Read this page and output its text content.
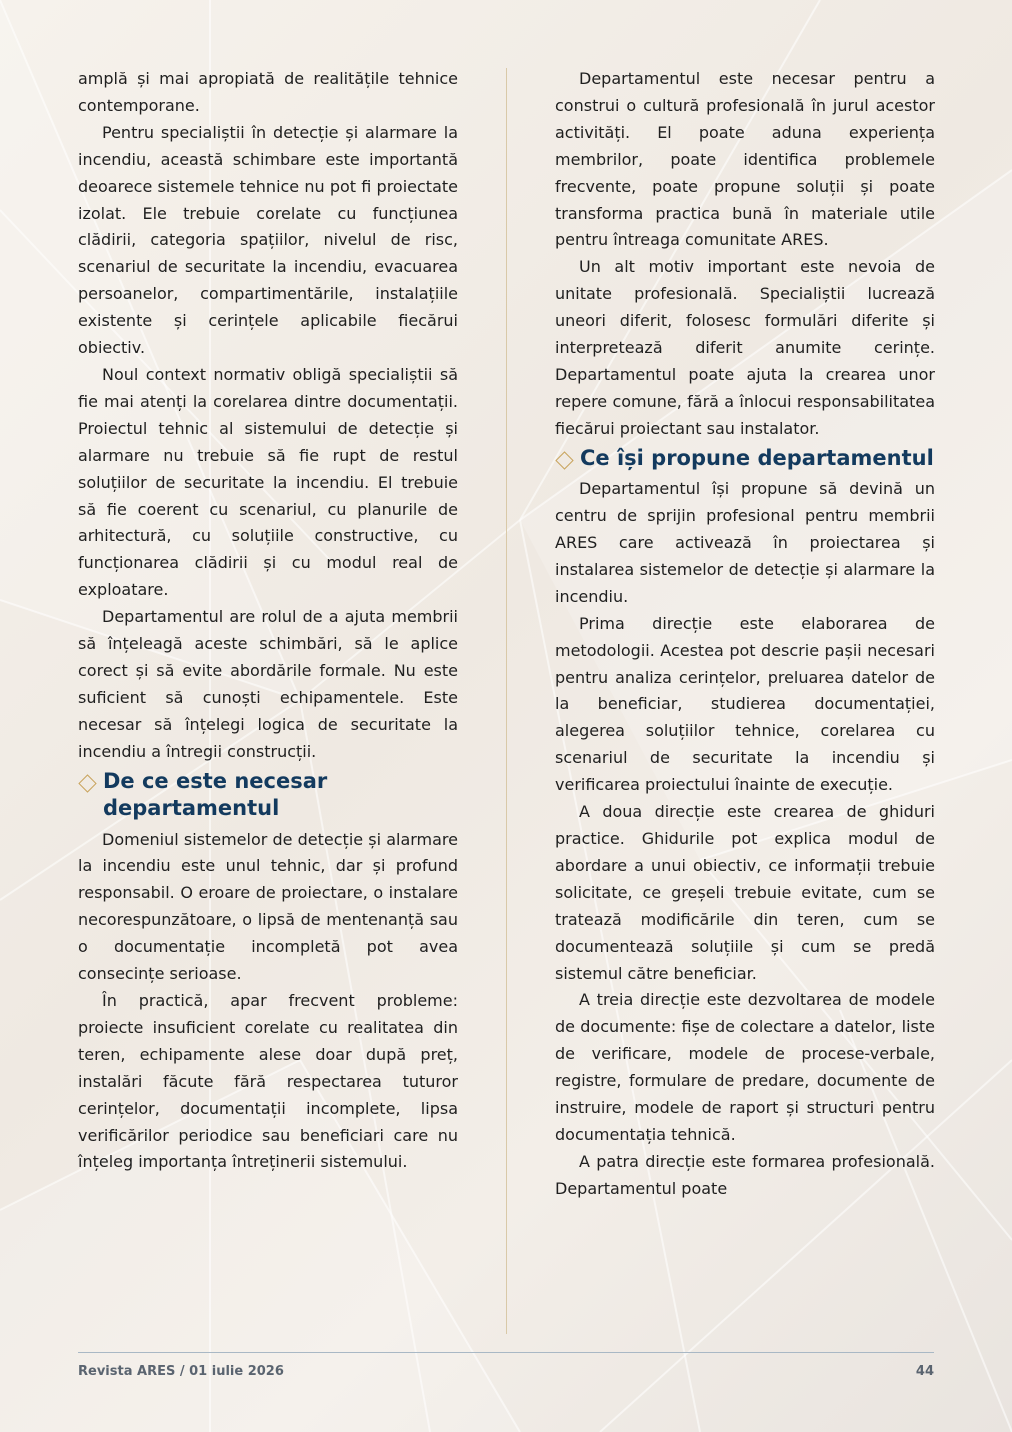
amplă și mai apropiată de realitățile tehnice contemporane.

Pentru specialiștii în detecție și alarmare la incendiu, această schimbare este importantă deoarece sistemele tehnice nu pot fi proiectate izolat. Ele trebuie corelate cu funcțiunea clădirii, categoria spațiilor, nivelul de risc, scenariul de securitate la incendiu, evacuarea persoanelor, compartimentările, instalațiile existente și cerințele aplicabile fiecărui obiectiv.

Noul context normativ obligă specialiștii să fie mai atenți la corelarea dintre documentații. Proiectul tehnic al sistemului de detecție și alarmare nu trebuie să fie rupt de restul soluțiilor de securitate la incendiu. El trebuie să fie coerent cu scenariul, cu planurile de arhitectură, cu soluțiile constructive, cu funcționarea clădirii și cu modul real de exploatare.

Departamentul are rolul de a ajuta membrii să înțeleagă aceste schimbări, să le aplice corect și să evite abordările formale. Nu este suficient să cunoști echipamentele. Este necesar să înțelegi logica de securitate la incendiu a întregii construcții.

De ce este necesar departamentul

Domeniul sistemelor de detecție și alarmare la incendiu este unul tehnic, dar și profund responsabil. O eroare de proiectare, o instalare necorespunzătoare, o lipsă de mentenanță sau o documentație incompletă pot avea consecințe serioase.

În practică, apar frecvent probleme: proiecte insuficient corelate cu realitatea din teren, echipamente alese doar după preț, instalări făcute fără respectarea tuturor cerințelor, documentații incomplete, lipsa verificărilor periodice sau beneficiari care nu înțeleg importanța întreținerii sistemului.

Departamentul este necesar pentru a construi o cultură profesională în jurul acestor activități. El poate aduna experiența membrilor, poate identifica problemele frecvente, poate propune soluții și poate transforma practica bună în materiale utile pentru întreaga comunitate ARES.

Un alt motiv important este nevoia de unitate profesională. Specialiștii lucrează uneori diferit, folosesc formulări diferite și interpretează diferit anumite cerințe. Departamentul poate ajuta la crearea unor repere comune, fără a înlocui responsabilitatea fiecărui proiectant sau instalator.

Ce își propune departamentul

Departamentul își propune să devină un centru de sprijin profesional pentru membrii ARES care activează în proiectarea și instalarea sistemelor de detecție și alarmare la incendiu.

Prima direcție este elaborarea de metodologii. Acestea pot descrie pașii necesari pentru analiza cerințelor, preluarea datelor de la beneficiar, studierea documentației, alegerea soluțiilor tehnice, corelarea cu scenariul de securitate la incendiu și verificarea proiectului înainte de execuție.

A doua direcție este crearea de ghiduri practice. Ghidurile pot explica modul de abordare a unui obiectiv, ce informații trebuie solicitate, ce greșeli trebuie evitate, cum se tratează modificările din teren, cum se documentează soluțiile și cum se predă sistemul către beneficiar.

A treia direcție este dezvoltarea de modele de documente: fișe de colectare a datelor, liste de verificare, modele de procese-verbale, registre, formulare de predare, documente de instruire, modele de raport și structuri pentru documentația tehnică.

A patra direcție este formarea profesională. Departamentul poate

Revista ARES / 01 iulie 2026	44
